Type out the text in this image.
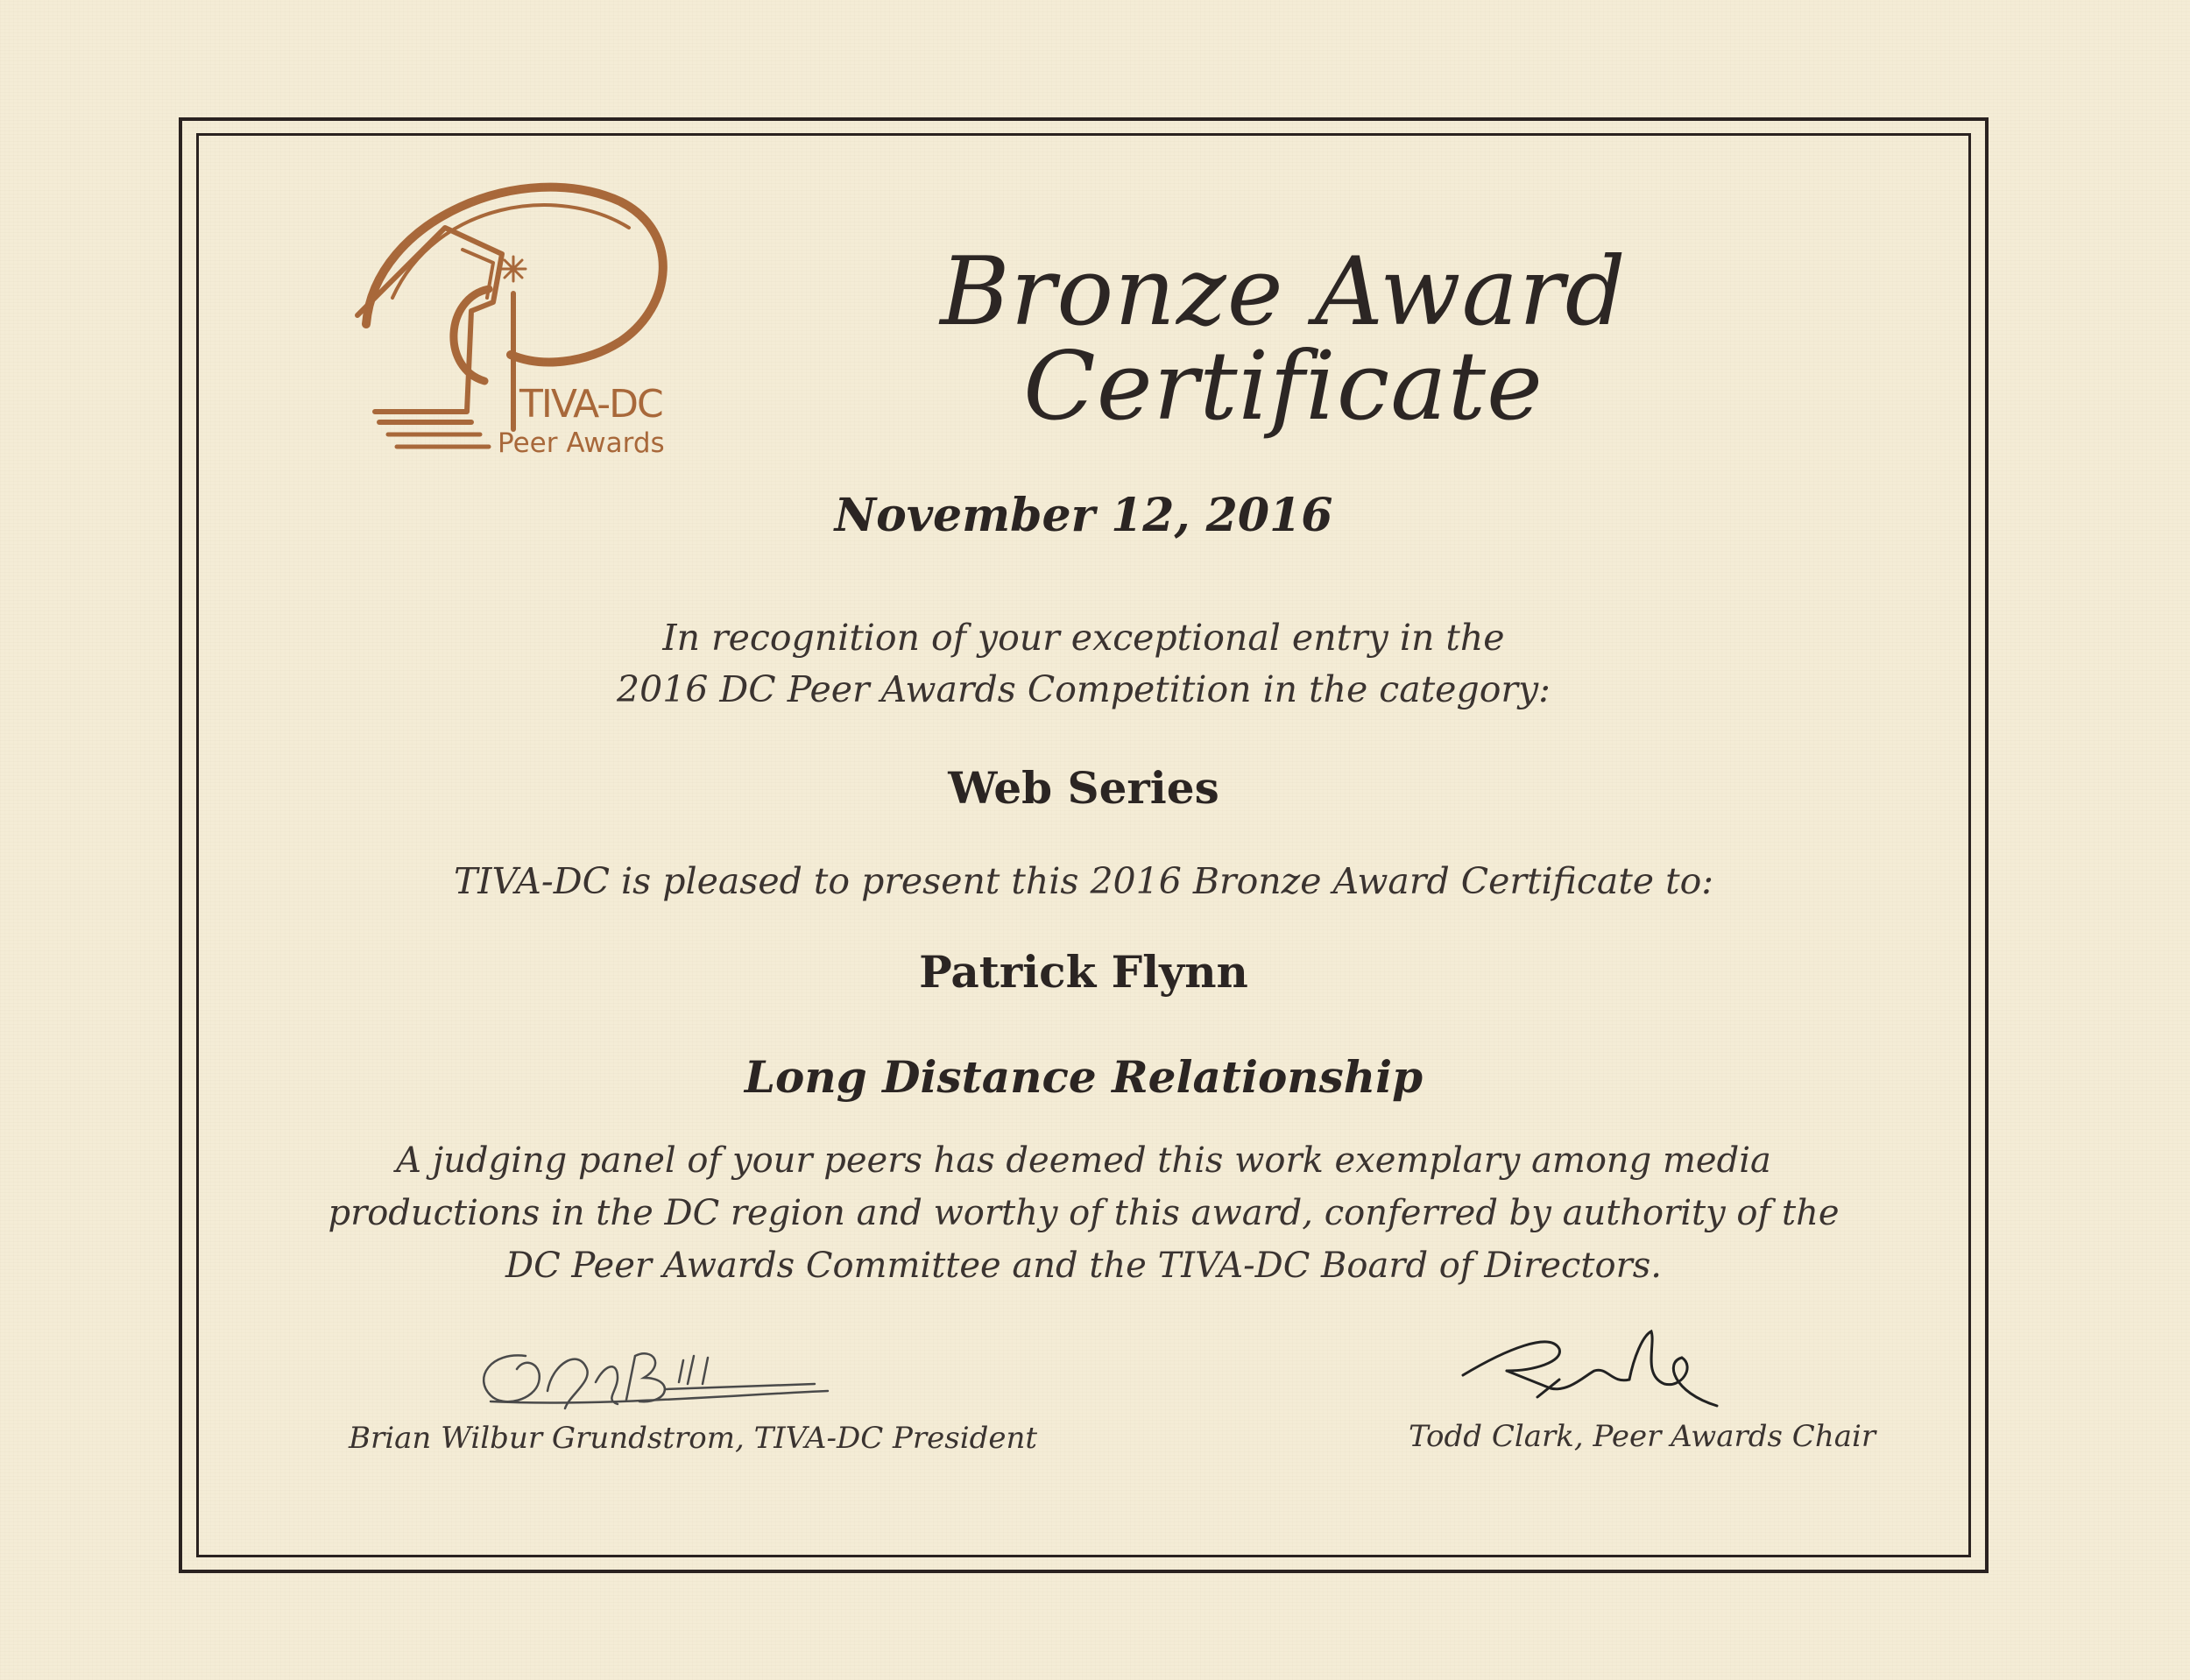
TIVA-DC
Peer Awards
Bronze Award Certificate
November 12, 2016
In recognition of your exceptional entry in the
2016 DC Peer Awards Competition in the category:
Web Series
TIVA-DC is pleased to present this 2016 Bronze Award Certificate to:
Patrick Flynn
Long Distance Relationship
A judging panel of your peers has deemed this work exemplary among media
productions in the DC region and worthy of this award, conferred by authority of the
DC Peer Awards Committee and the TIVA-DC Board of Directors.
Brian Wilbur Grundstrom, TIVA-DC President	Todd Clark, Peer Awards Chair
